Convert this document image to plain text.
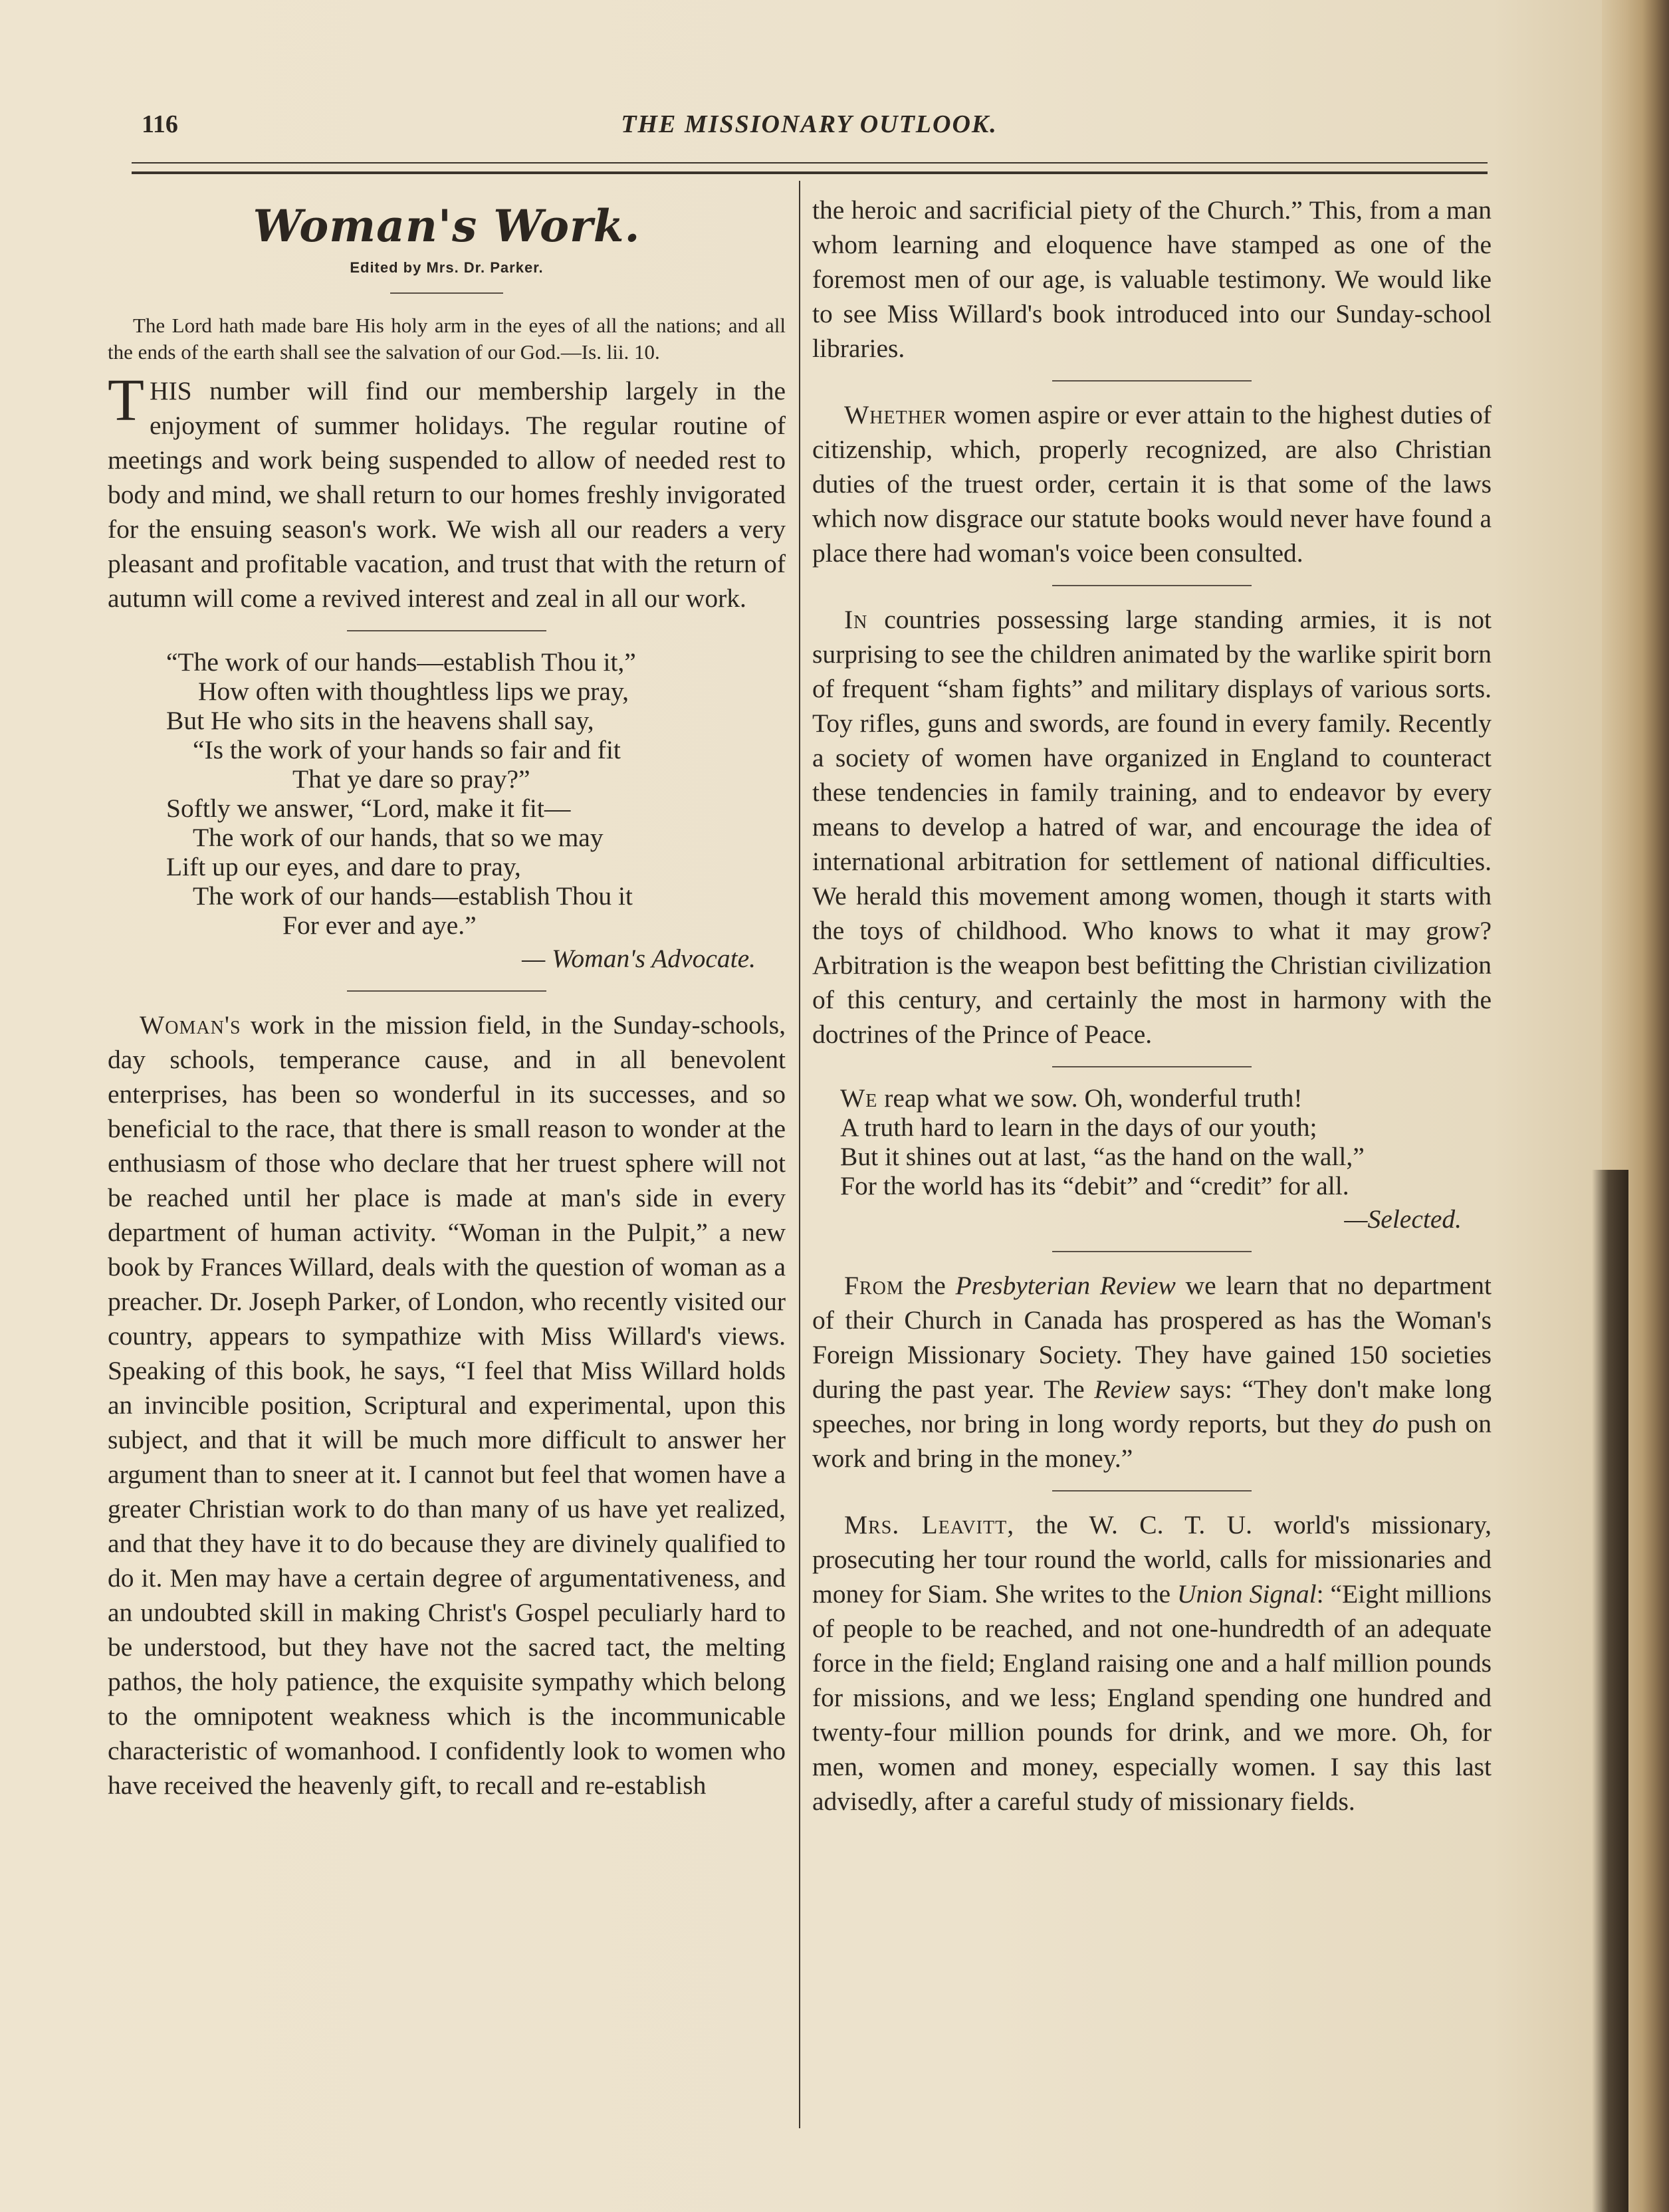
116	THE MISSIONARY OUTLOOK.
Woman's Work.
Edited by Mrs. Dr. Parker.

The Lord hath made bare His holy arm in the eyes of all the nations; and all the ends of the earth shall see the salvation of our God.—Is. lii. 10.

THIS number will find our membership largely in the enjoyment of summer holidays. The regular routine of meetings and work being suspended to allow of needed rest to body and mind, we shall return to our homes freshly invigorated for the ensuing season's work. We wish all our readers a very pleasant and profitable vacation, and trust that with the return of autumn will come a revived interest and zeal in all our work.

“The work of our hands—establish Thou it,”
How often with thoughtless lips we pray,
But He who sits in the heavens shall say,
“Is the work of your hands so fair and fit
That ye dare so pray?”
Softly we answer, “Lord, make it fit—
The work of our hands, that so we may
Lift up our eyes, and dare to pray,
The work of our hands—establish Thou it
For ever and aye.”
— Woman's Advocate.

Woman's work in the mission field, in the Sunday-schools, day schools, temperance cause, and in all benevolent enterprises, has been so wonderful in its successes, and so beneficial to the race, that there is small reason to wonder at the enthusiasm of those who declare that her truest sphere will not be reached until her place is made at man's side in every department of human activity. “Woman in the Pulpit,” a new book by Frances Willard, deals with the question of woman as a preacher. Dr. Joseph Parker, of London, who recently visited our country, appears to sympathize with Miss Willard's views. Speaking of this book, he says, “I feel that Miss Willard holds an invincible position, Scriptural and experimental, upon this subject, and that it will be much more difficult to answer her argument than to sneer at it. I cannot but feel that women have a greater Christian work to do than many of us have yet realized, and that they have it to do because they are divinely qualified to do it. Men may have a certain degree of argumentativeness, and an undoubted skill in making Christ's Gospel peculiarly hard to be understood, but they have not the sacred tact, the melting pathos, the holy patience, the exquisite sympathy which belong to the omnipotent weakness which is the incommunicable characteristic of womanhood. I confidently look to women who have received the heavenly gift, to recall and re-establish

the heroic and sacrificial piety of the Church.” This, from a man whom learning and eloquence have stamped as one of the foremost men of our age, is valuable testimony. We would like to see Miss Willard's book introduced into our Sunday-school libraries.

Whether women aspire or ever attain to the highest duties of citizenship, which, properly recognized, are also Christian duties of the truest order, certain it is that some of the laws which now disgrace our statute books would never have found a place there had woman's voice been consulted.

In countries possessing large standing armies, it is not surprising to see the children animated by the warlike spirit born of frequent “sham fights” and military displays of various sorts. Toy rifles, guns and swords, are found in every family. Recently a society of women have organized in England to counteract these tendencies in family training, and to endeavor by every means to develop a hatred of war, and encourage the idea of international arbitration for settlement of national difficulties. We herald this movement among women, though it starts with the toys of childhood. Who knows to what it may grow? Arbitration is the weapon best befitting the Christian civilization of this century, and certainly the most in harmony with the doctrines of the Prince of Peace.

We reap what we sow. Oh, wonderful truth!
A truth hard to learn in the days of our youth;
But it shines out at last, “as the hand on the wall,”
For the world has its “debit” and “credit” for all.
—Selected.

From the Presbyterian Review we learn that no department of their Church in Canada has prospered as has the Woman's Foreign Missionary Society. They have gained 150 societies during the past year. The Review says: “They don't make long speeches, nor bring in long wordy reports, but they do push on work and bring in the money.”

Mrs. Leavitt, the W. C. T. U. world's missionary, prosecuting her tour round the world, calls for missionaries and money for Siam. She writes to the Union Signal: “Eight millions of people to be reached, and not one-hundredth of an adequate force in the field; England raising one and a half million pounds for missions, and we less; England spending one hundred and twenty-four million pounds for drink, and we more. Oh, for men, women and money, especially women. I say this last advisedly, after a careful study of missionary fields.
